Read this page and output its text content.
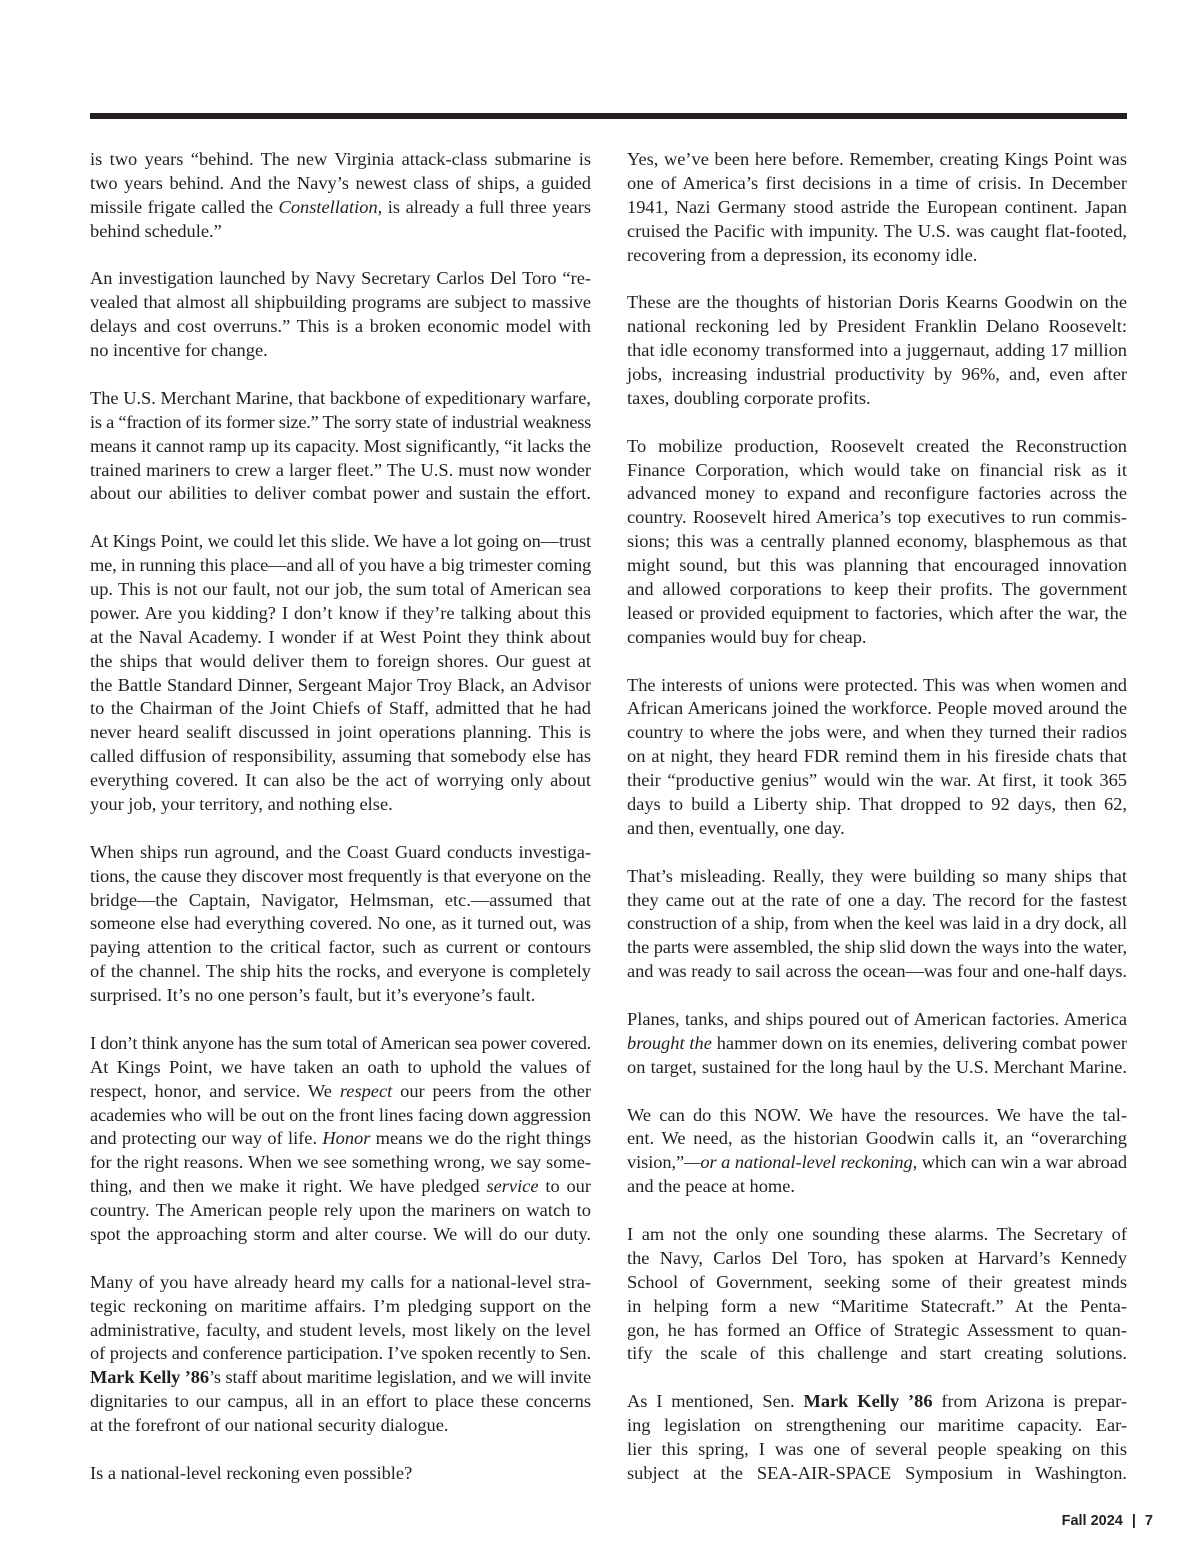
is two years “behind. The new Virginia attack-class submarine is
two years behind. And the Navy’s newest class of ships, a guided
missile frigate called the Constellation, is already a full three years
behind schedule.”
An investigation launched by Navy Secretary Carlos Del Toro “re-
vealed that almost all shipbuilding programs are subject to massive
delays and cost overruns.” This is a broken economic model with
no incentive for change.
The U.S. Merchant Marine, that backbone of expeditionary warfare,
is a “fraction of its former size.” The sorry state of industrial weakness
means it cannot ramp up its capacity. Most significantly, “it lacks the
trained mariners to crew a larger fleet.” The U.S. must now wonder
about our abilities to deliver combat power and sustain the effort.
At Kings Point, we could let this slide. We have a lot going on—trust
me, in running this place—and all of you have a big trimester coming
up. This is not our fault, not our job, the sum total of American sea
power. Are you kidding? I don’t know if they’re talking about this
at the Naval Academy. I wonder if at West Point they think about
the ships that would deliver them to foreign shores. Our guest at
the Battle Standard Dinner, Sergeant Major Troy Black, an Advisor
to the Chairman of the Joint Chiefs of Staff, admitted that he had
never heard sealift discussed in joint operations planning. This is
called diffusion of responsibility, assuming that somebody else has
everything covered. It can also be the act of worrying only about
your job, your territory, and nothing else.
When ships run aground, and the Coast Guard conducts investiga-
tions, the cause they discover most frequently is that everyone on the
bridge—the Captain, Navigator, Helmsman, etc.—assumed that
someone else had everything covered. No one, as it turned out, was
paying attention to the critical factor, such as current or contours
of the channel. The ship hits the rocks, and everyone is completely
surprised. It’s no one person’s fault, but it’s everyone’s fault.
I don’t think anyone has the sum total of American sea power covered.
At Kings Point, we have taken an oath to uphold the values of
respect, honor, and service. We respect our peers from the other
academies who will be out on the front lines facing down aggression
and protecting our way of life. Honor means we do the right things
for the right reasons. When we see something wrong, we say some-
thing, and then we make it right. We have pledged service to our
country. The American people rely upon the mariners on watch to
spot the approaching storm and alter course. We will do our duty.
Many of you have already heard my calls for a national-level stra-
tegic reckoning on maritime affairs. I’m pledging support on the
administrative, faculty, and student levels, most likely on the level
of projects and conference participation. I’ve spoken recently to Sen.
Mark Kelly ’86’s staff about maritime legislation, and we will invite
dignitaries to our campus, all in an effort to place these concerns
at the forefront of our national security dialogue.
Is a national-level reckoning even possible?
Yes, we’ve been here before. Remember, creating Kings Point was
one of America’s first decisions in a time of crisis. In December
1941, Nazi Germany stood astride the European continent. Japan
cruised the Pacific with impunity. The U.S. was caught flat-footed,
recovering from a depression, its economy idle.
These are the thoughts of historian Doris Kearns Goodwin on the
national reckoning led by President Franklin Delano Roosevelt:
that idle economy transformed into a juggernaut, adding 17 million
jobs, increasing industrial productivity by 96%, and, even after
taxes, doubling corporate profits.
To mobilize production, Roosevelt created the Reconstruction
Finance Corporation, which would take on financial risk as it
advanced money to expand and reconfigure factories across the
country. Roosevelt hired America’s top executives to run commis-
sions; this was a centrally planned economy, blasphemous as that
might sound, but this was planning that encouraged innovation
and allowed corporations to keep their profits. The government
leased or provided equipment to factories, which after the war, the
companies would buy for cheap.
The interests of unions were protected. This was when women and
African Americans joined the workforce. People moved around the
country to where the jobs were, and when they turned their radios
on at night, they heard FDR remind them in his fireside chats that
their “productive genius” would win the war. At first, it took 365
days to build a Liberty ship. That dropped to 92 days, then 62,
and then, eventually, one day.
That’s misleading. Really, they were building so many ships that
they came out at the rate of one a day. The record for the fastest
construction of a ship, from when the keel was laid in a dry dock, all
the parts were assembled, the ship slid down the ways into the water,
and was ready to sail across the ocean—was four and one-half days.
Planes, tanks, and ships poured out of American factories. America
brought the hammer down on its enemies, delivering combat power
on target, sustained for the long haul by the U.S. Merchant Marine.
We can do this NOW. We have the resources. We have the tal-
ent. We need, as the historian Goodwin calls it, an “overarching
vision,”—or a national-level reckoning, which can win a war abroad
and the peace at home.
I am not the only one sounding these alarms. The Secretary of
the Navy, Carlos Del Toro, has spoken at Harvard’s Kennedy
School of Government, seeking some of their greatest minds
in helping form a new “Maritime Statecraft.” At the Penta-
gon, he has formed an Office of Strategic Assessment to quan-
tify the scale of this challenge and start creating solutions.
As I mentioned, Sen. Mark Kelly ’86 from Arizona is prepar-
ing legislation on strengthening our maritime capacity. Ear-
lier this spring, I was one of several people speaking on this
subject at the SEA-AIR-SPACE Symposium in Washington.
Fall 2024 | 7
